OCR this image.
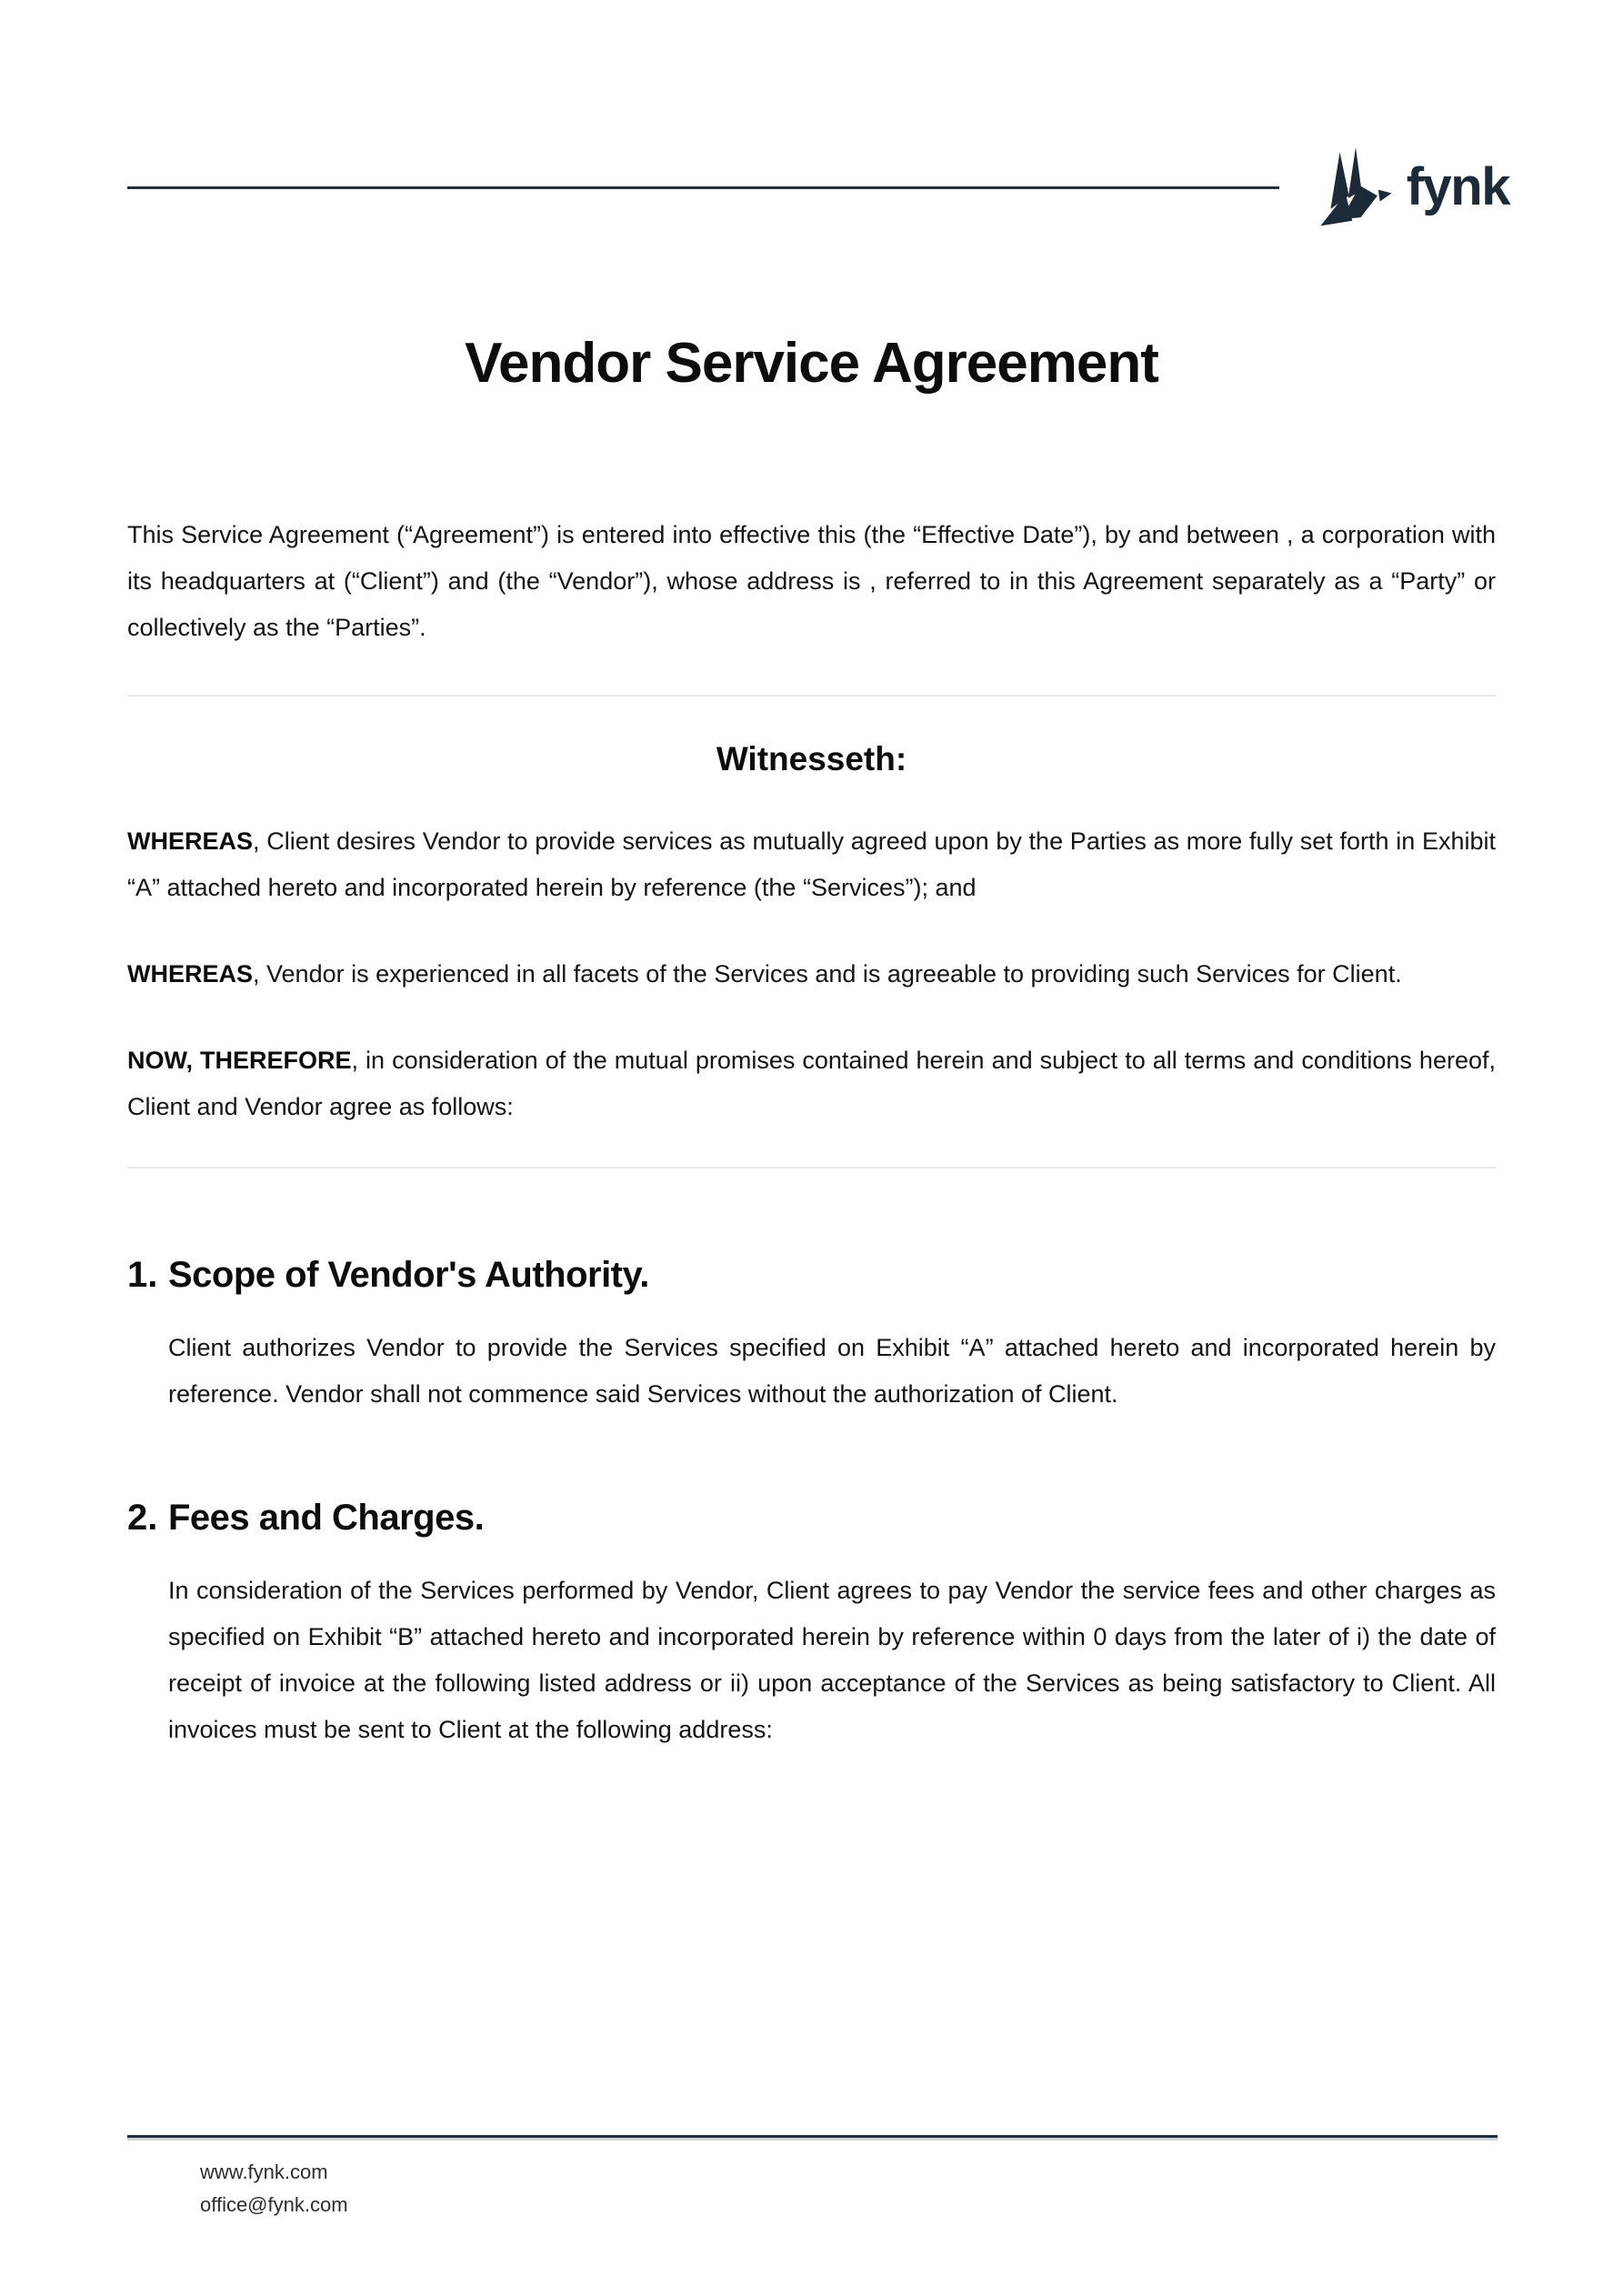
fynk
Vendor Service Agreement

This Service Agreement (“Agreement”) is entered into effective this (the “Effective Date”), by and between , a corporation with its headquarters at (“Client”) and (the “Vendor”), whose address is , referred to in this Agreement separately as a “Party” or collectively as the “Parties”.

Witnesseth:

WHEREAS, Client desires Vendor to provide services as mutually agreed upon by the Parties as more fully set forth in Exhibit “A” attached hereto and incorporated herein by reference (the “Services”); and

WHEREAS, Vendor is experienced in all facets of the Services and is agreeable to providing such Services for Client.

NOW, THEREFORE, in consideration of the mutual promises contained herein and subject to all terms and conditions hereof, Client and Vendor agree as follows:

1. Scope of Vendor's Authority.

Client authorizes Vendor to provide the Services specified on Exhibit “A” attached hereto and incorporated herein by reference. Vendor shall not commence said Services without the authorization of Client.

2. Fees and Charges.

In consideration of the Services performed by Vendor, Client agrees to pay Vendor the service fees and other charges as specified on Exhibit “B” attached hereto and incorporated herein by reference within 0 days from the later of i) the date of receipt of invoice at the following listed address or ii) upon acceptance of the Services as being satisfactory to Client. All invoices must be sent to Client at the following address:

www.fynk.com
office@fynk.com
